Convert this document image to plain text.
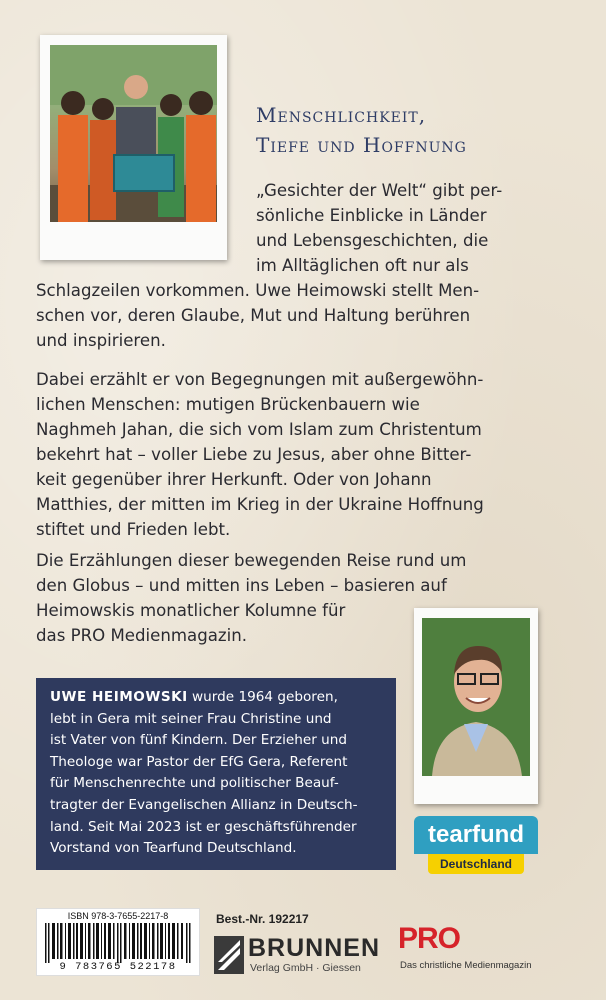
Menschlichkeit,
Tiefe und Hoffnung
„Gesichter der Welt“ gibt per-
sönliche Einblicke in Länder
und Lebensgeschichten, die
im Alltäglichen oft nur als
Schlagzeilen vorkommen. Uwe Heimowski stellt Men-
schen vor, deren Glaube, Mut und Haltung berühren
und inspirieren.
Dabei erzählt er von Begegnungen mit außergewöhn-
lichen Menschen: mutigen Brückenbauern wie
Naghmeh Jahan, die sich vom Islam zum Christentum
bekehrt hat – voller Liebe zu Jesus, aber ohne Bitter-
keit gegenüber ihrer Herkunft. Oder von Johann
Matthies, der mitten im Krieg in der Ukraine Hoffnung
stiftet und Frieden lebt.
Die Erzählungen dieser bewegenden Reise rund um
den Globus – und mitten ins Leben – basieren auf
Heimowskis monatlicher Kolumne für
das PRO Medienmagazin.
UWE HEIMOWSKI wurde 1964 geboren,
lebt in Gera mit seiner Frau Christine und
ist Vater von fünf Kindern. Der Erzieher und
Theologe war Pastor der EfG Gera, Referent
für Menschenrechte und politischer Beauf-
tragter der Evangelischen Allianz in Deutsch-
land. Seit Mai 2023 ist er geschäftsführender
Vorstand von Tearfund Deutschland.
tearfund
Deutschland
ISBN 978-3-7655-2217-8
9 783765 522178
Best.-Nr. 192217
BRUNNEN
Verlag GmbH · Giessen
PRO
Das christliche Medienmagazin
